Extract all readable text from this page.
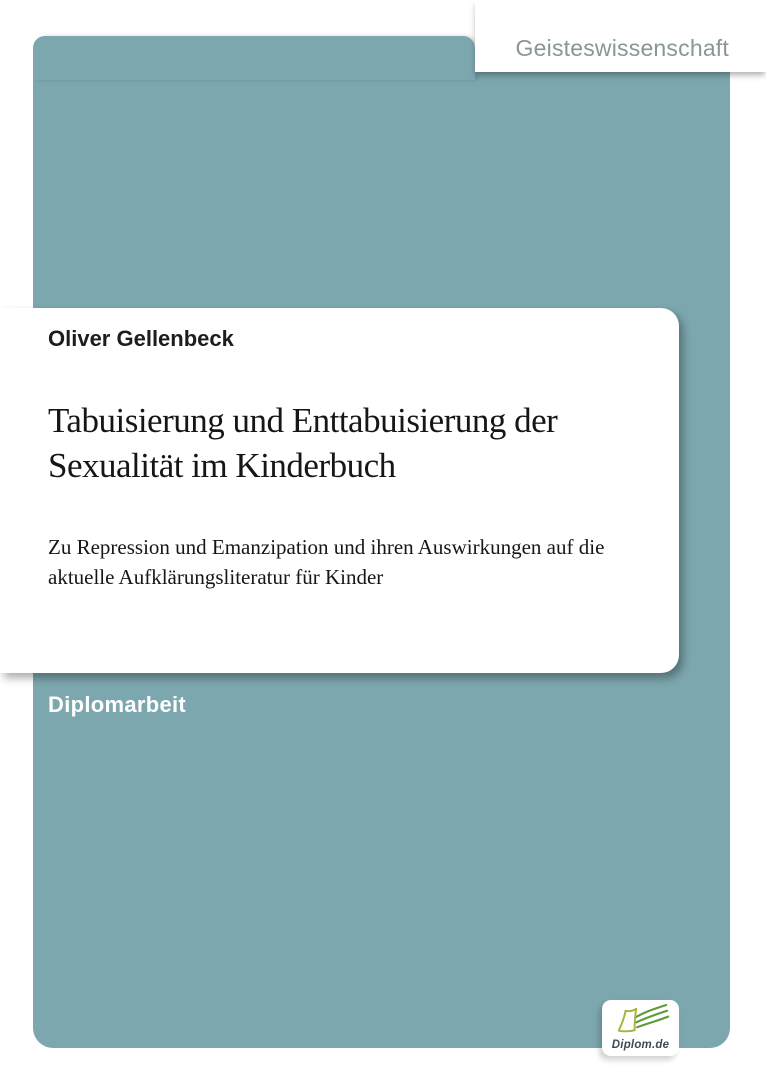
Geisteswissenschaft
Oliver Gellenbeck
Tabuisierung und Enttabuisierung der
Sexualität im Kinderbuch
Zu Repression und Emanzipation und ihren Auswirkungen auf die
aktuelle Aufklärungsliteratur für Kinder
Diplomarbeit
Diplom.de
